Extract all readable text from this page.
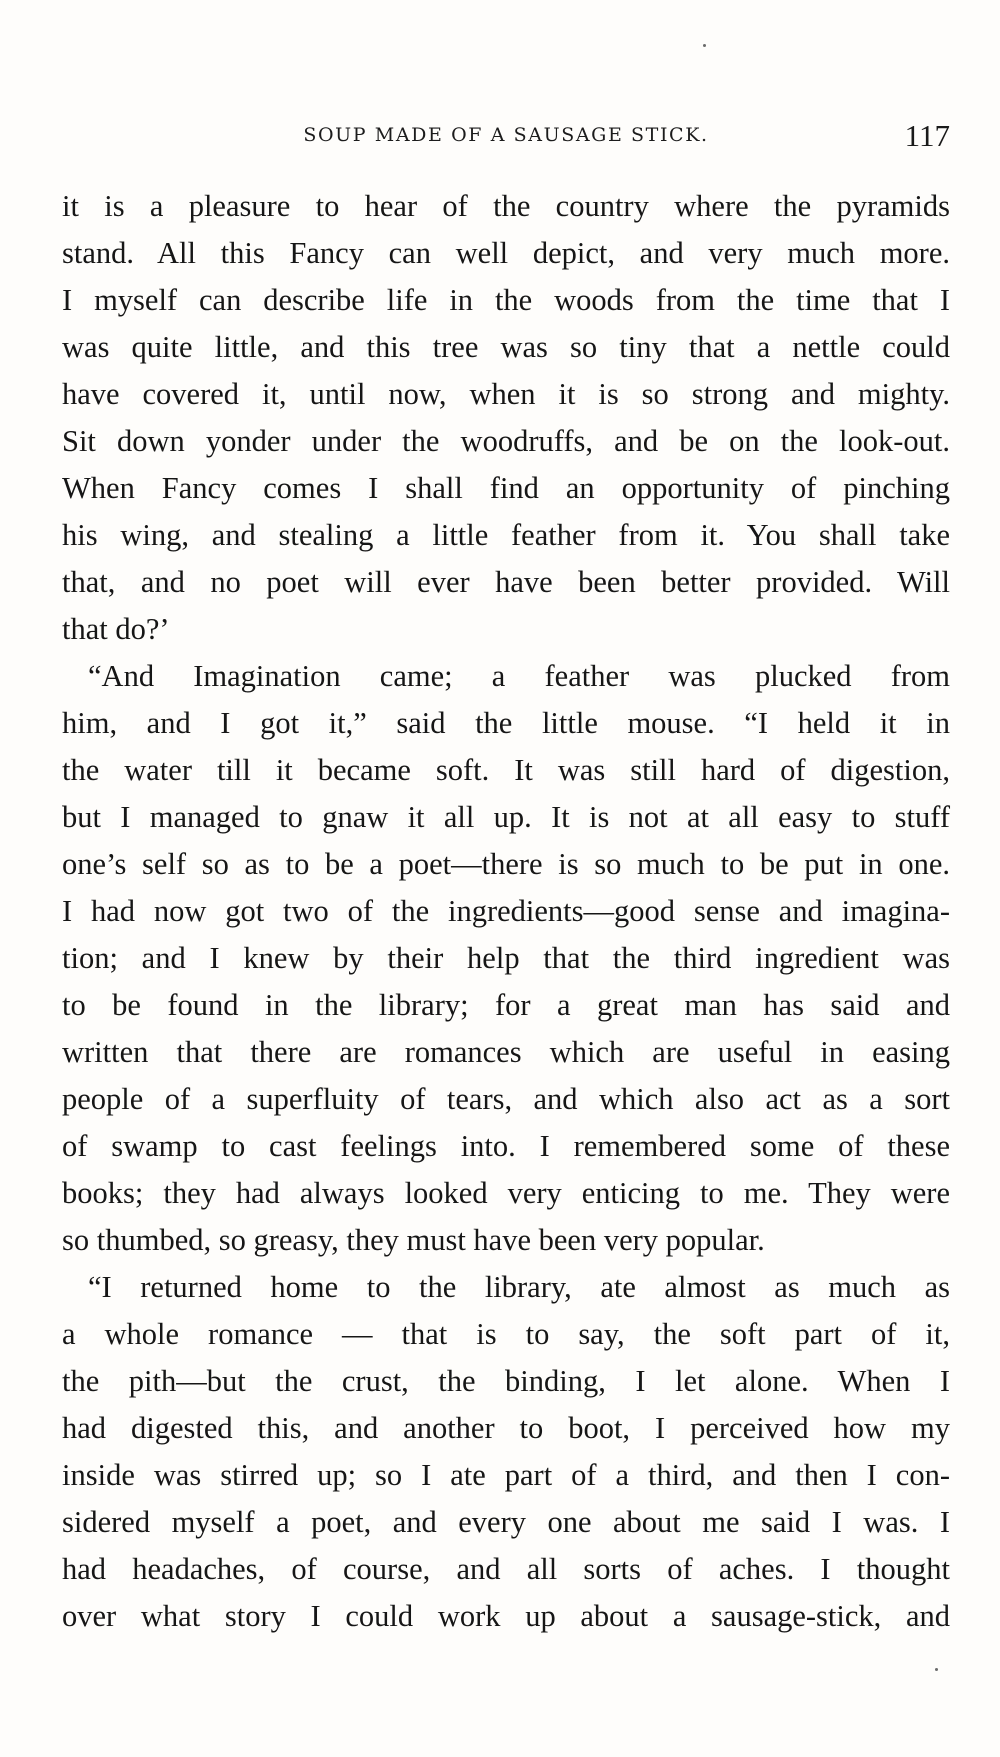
SOUP MADE OF A SAUSAGE STICK.	117
it is a pleasure to hear of the country where the pyramids
stand. All this Fancy can well depict, and very much more.
I myself can describe life in the woods from the time that I
was quite little, and this tree was so tiny that a nettle could
have covered it, until now, when it is so strong and mighty.
Sit down yonder under the woodruffs, and be on the look-out.
When Fancy comes I shall find an opportunity of pinching
his wing, and stealing a little feather from it. You shall take
that, and no poet will ever have been better provided. Will
that do?’
“And Imagination came; a feather was plucked from
him, and I got it,” said the little mouse. “I held it in
the water till it became soft. It was still hard of digestion,
but I managed to gnaw it all up. It is not at all easy to stuff
one’s self so as to be a poet—there is so much to be put in one.
I had now got two of the ingredients—good sense and imagina-
tion; and I knew by their help that the third ingredient was
to be found in the library; for a great man has said and
written that there are romances which are useful in easing
people of a superfluity of tears, and which also act as a sort
of swamp to cast feelings into. I remembered some of these
books; they had always looked very enticing to me. They were
so thumbed, so greasy, they must have been very popular.
“I returned home to the library, ate almost as much as
a whole romance — that is to say, the soft part of it,
the pith—but the crust, the binding, I let alone. When I
had digested this, and another to boot, I perceived how my
inside was stirred up; so I ate part of a third, and then I con-
sidered myself a poet, and every one about me said I was. I
had headaches, of course, and all sorts of aches. I thought
over what story I could work up about a sausage-stick, and
